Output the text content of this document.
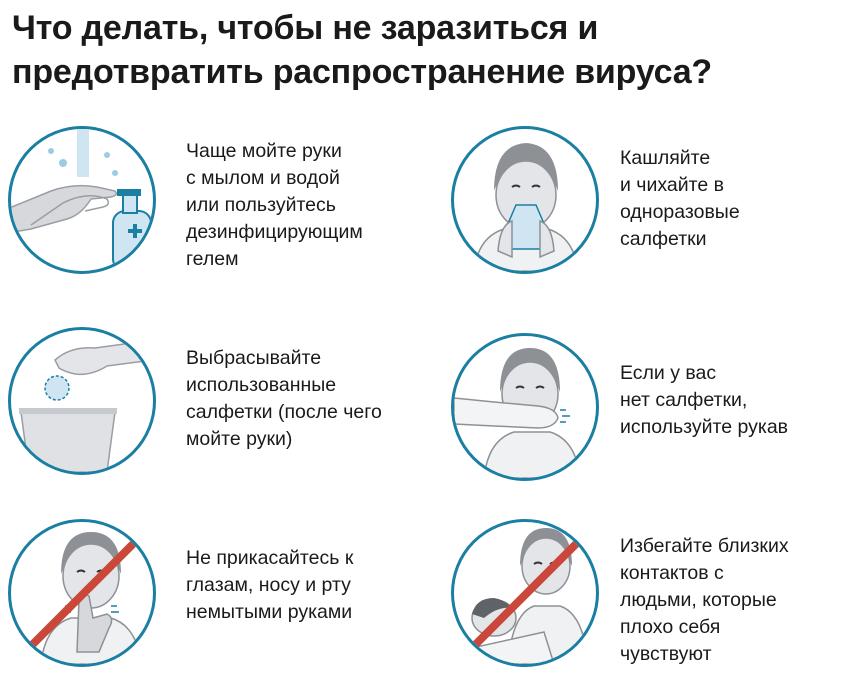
Что делать, чтобы не заразиться и
предотвратить распространение вируса?
Чаще мойте руки
с мылом и водой
или пользуйтесь
дезинфицирующим
гелем
Кашляйте
и чихайте в
одноразовые
салфетки
Выбрасывайте
использованные
салфетки (после чего
мойте руки)
Если у вас
нет салфетки,
используйте рукав
Не прикасайтесь к
глазам, носу и рту
немытыми руками
Избегайте близких
контактов с
людьми, которые
плохо себя
чувствуют
